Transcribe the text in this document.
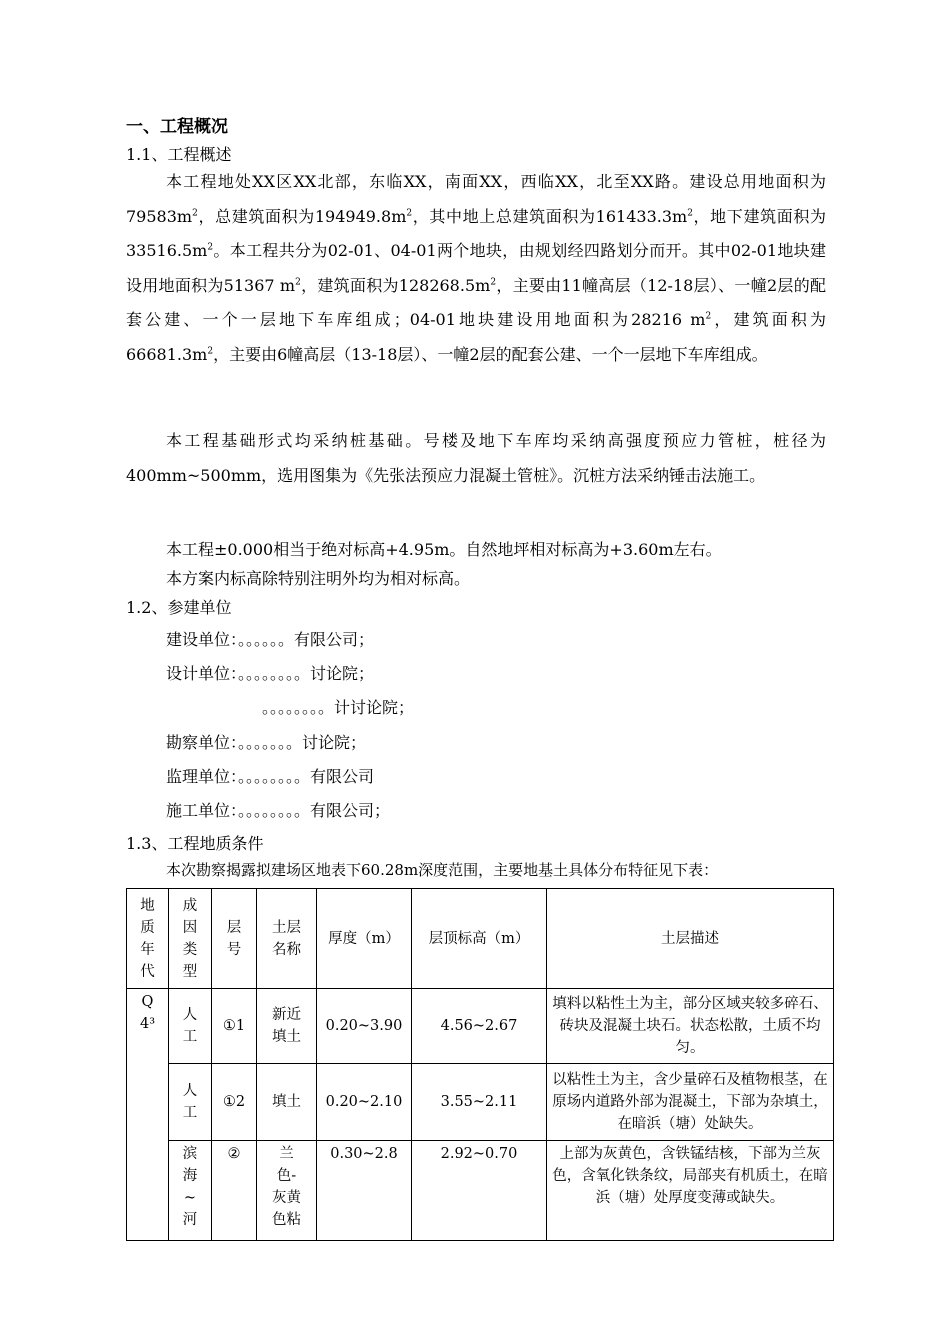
一、工程概况
1.1、工程概述

本工程地处XX区XX北部，东临XX，南面XX，西临XX，北至XX路。建设总用地面积为$79583m^2$，总建筑面积为$194949.8m^2$，其中地上总建筑面积为$161433.3m^2$，地下建筑面积为$33516.5m^2$。本工程共分为02-01、04-01两个地块，由规划经四路划分而开。其中02-01地块建设用地面积为51367 $m^2$，建筑面积为$128268.5m^2$，主要由11幢高层（12-18层）、一幢2层的配套公建、一个一层地下车库组成；04-01地块建设用地面积为28216 $m^2$，建筑面积为$66681.3m^2$，主要由6幢高层（13-18层）、一幢2层的配套公建、一个一层地下车库组成。

本工程基础形式均采纳桩基础。号楼及地下车库均采纳高强度预应力管桩，桩径为400mm~500mm，选用图集为《先张法预应力混凝土管桩》。沉桩方法采纳锤击法施工。

本工程±0.000相当于绝对标高+4.95m。自然地坪相对标高为+3.60m左右。
本方案内标高除特别注明外均为相对标高。
1.2、参建单位
建设单位：。。。。。。有限公司；
设计单位：。。。。。。。。讨论院；
。。。。。。。。计讨论院；
勘察单位：。。。。。。。讨论院；
监理单位：。。。。。。。。有限公司
施工单位：。。。。。。。。有限公司；
1.3、工程地质条件
本次勘察揭露拟建场区地表下60.28m深度范围，主要地基土具体分布特征见下表：
地质年代	成因类型	层号	土层名称	厚度（m）	层顶标高（m）	土层描述
Q4³	人工	①1	新近填土	0.20~3.90	4.56~2.67	填料以粘性土为主，部分区域夹较多碎石、砖块及混凝土块石。状态松散，土质不均匀。
	人工	①2	填土	0.20~2.10	3.55~2.11	以粘性土为主，含少量碎石及植物根茎，在原场内道路外部为混凝土，下部为杂填土，在暗浜（塘）处缺失。
	滨海~河	②	兰色-灰黄色粘	0.30~2.8	2.92~0.70	上部为灰黄色，含铁锰结核，下部为兰灰色，含氧化铁条纹，局部夹有机质土，在暗浜（塘）处厚度变薄或缺失。
